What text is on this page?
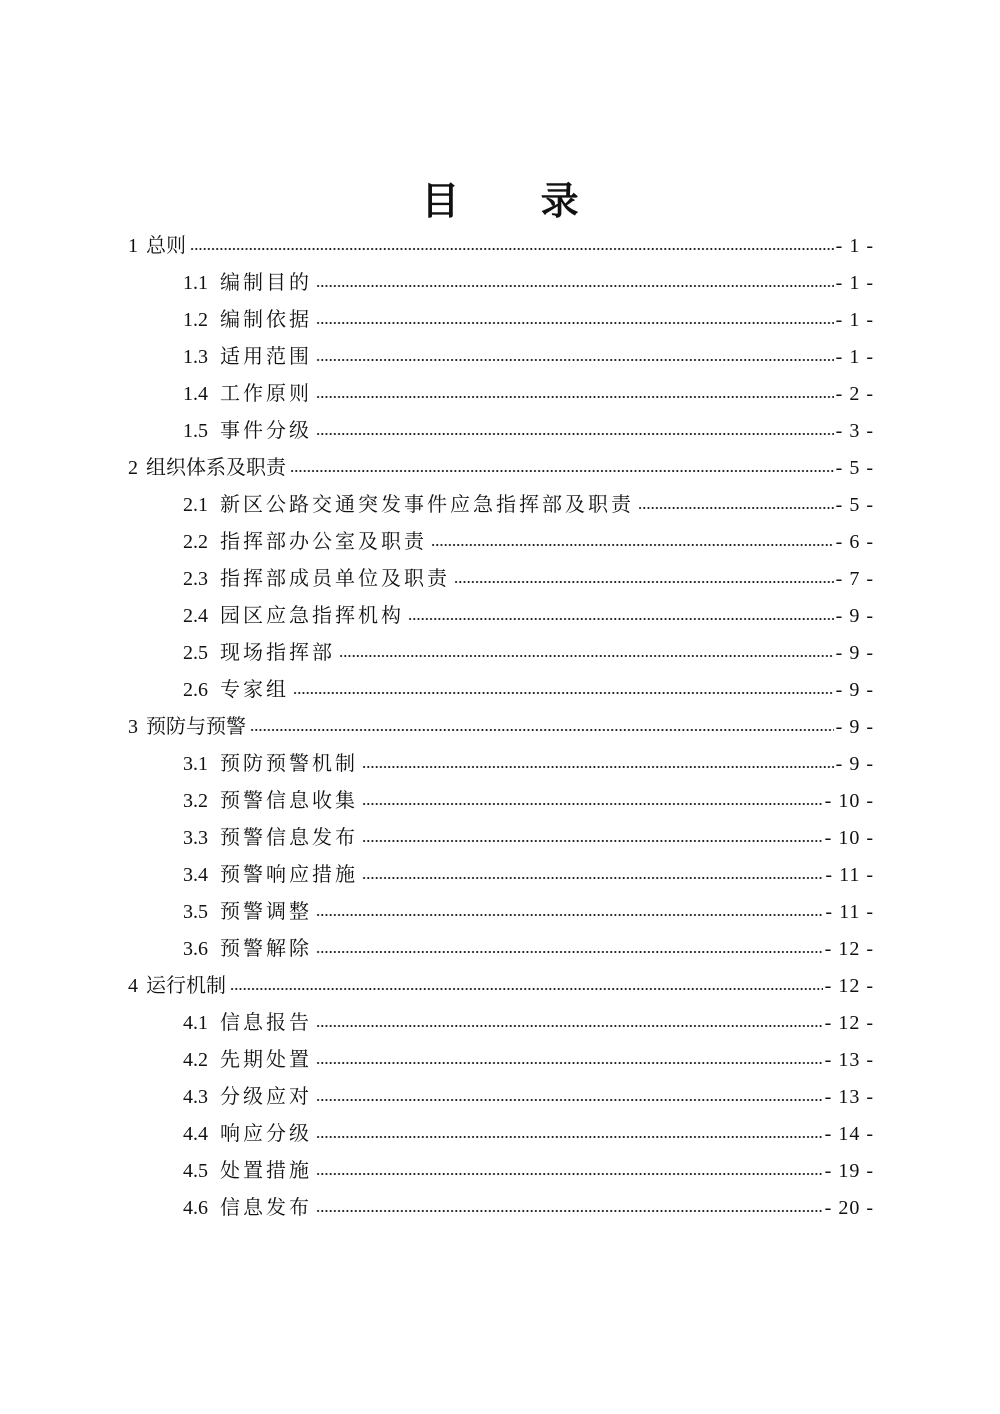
目 录
1 总则	- 1 -
1.1 编制目的	- 1 -
1.2 编制依据	- 1 -
1.3 适用范围	- 1 -
1.4 工作原则	- 2 -
1.5 事件分级	- 3 -
2 组织体系及职责	- 5 -
2.1 新区公路交通突发事件应急指挥部及职责	- 5 -
2.2 指挥部办公室及职责	- 6 -
2.3 指挥部成员单位及职责	- 7 -
2.4 园区应急指挥机构	- 9 -
2.5 现场指挥部	- 9 -
2.6 专家组	- 9 -
3 预防与预警	- 9 -
3.1 预防预警机制	- 9 -
3.2 预警信息收集	- 10 -
3.3 预警信息发布	- 10 -
3.4 预警响应措施	- 11 -
3.5 预警调整	- 11 -
3.6 预警解除	- 12 -
4 运行机制	- 12 -
4.1 信息报告	- 12 -
4.2 先期处置	- 13 -
4.3 分级应对	- 13 -
4.4 响应分级	- 14 -
4.5 处置措施	- 19 -
4.6 信息发布	- 20 -
